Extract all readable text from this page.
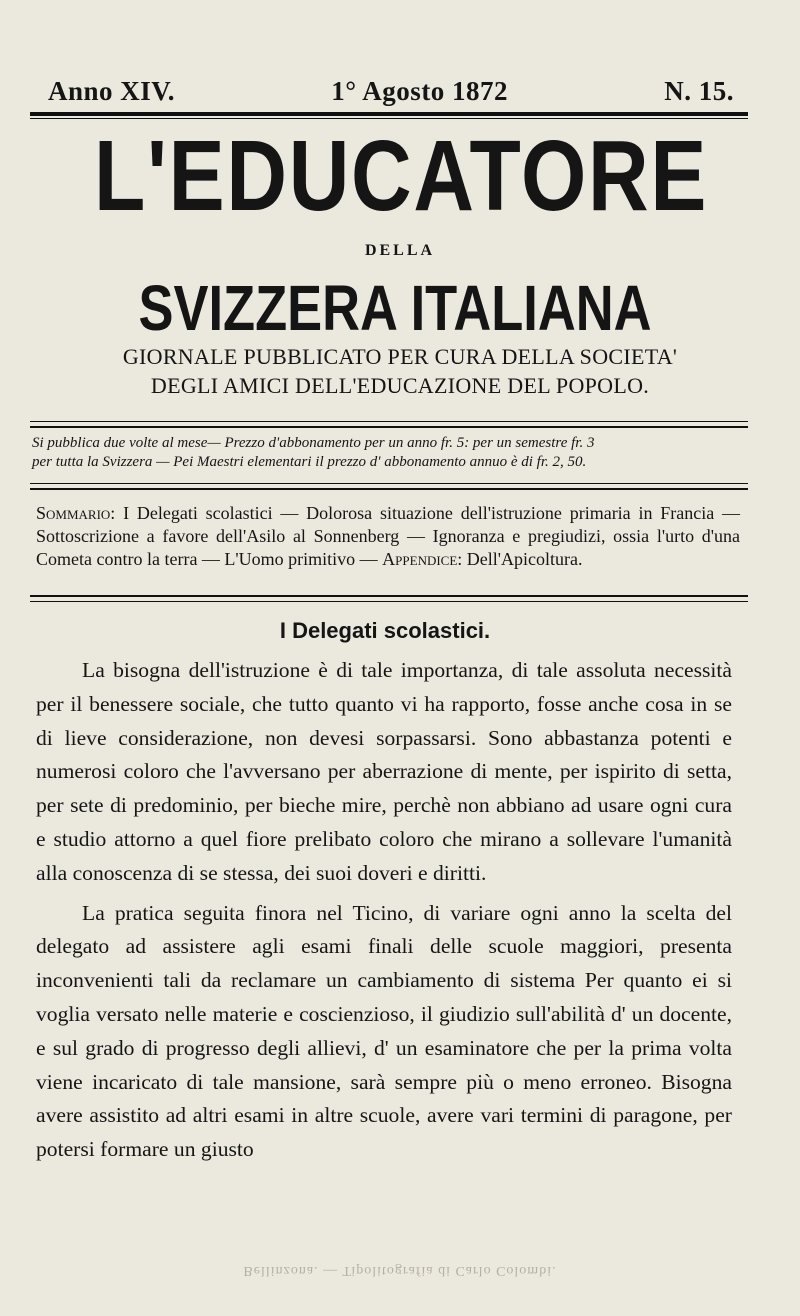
Anno XIV.	1° Agosto 1872	N. 15.
L'EDUCATORE
DELLA
SVIZZERA ITALIANA
GIORNALE PUBBLICATO PER CURA DELLA SOCIETA'
DEGLI AMICI DELL'EDUCAZIONE DEL POPOLO.

Si pubblica due volte al mese— Prezzo d'abbonamento per un anno fr. 5: per un semestre fr. 3

per tutta la Svizzera — Pei Maestri elementari il prezzo d' abbonamento annuo è di fr. 2, 50.

Sommario: I Delegati scolastici — Dolorosa situazione dell'istruzione primaria in Francia — Sottoscrizione a favore dell'Asilo al Sonnenberg — Ignoranza e pregiudizi, ossia l'urto d'una Cometa contro la terra — L'Uomo primitivo — Appendice: Dell'Apicoltura.
I Delegati scolastici.

La bisogna dell'istruzione è di tale importanza, di tale assoluta necessità per il benessere sociale, che tutto quanto vi ha rapporto, fosse anche cosa in se di lieve considerazione, non devesi sorpassarsi. Sono abbastanza potenti e numerosi coloro che l'avversano per aberrazione di mente, per ispirito di setta, per sete di predominio, per bieche mire, perchè non abbiano ad usare ogni cura e studio attorno a quel fiore prelibato coloro che mirano a sollevare l'umanità alla conoscenza di se stessa, dei suoi doveri e diritti.

La pratica seguita finora nel Ticino, di variare ogni anno la scelta del delegato ad assistere agli esami finali delle scuole maggiori, presenta inconvenienti tali da reclamare un cambiamento di sistema Per quanto ei si voglia versato nelle materie e coscienzioso, il giudizio sull'abilità d' un docente, e sul grado di progresso degli allievi, d' un esaminatore che per la prima volta viene incaricato di tale mansione, sarà sempre più o meno erroneo. Bisogna avere assistito ad altri esami in altre scuole, avere vari termini di paragone, per potersi formare un giusto

Bellinzona. — Tipolitografia di Carlo Colombi.
